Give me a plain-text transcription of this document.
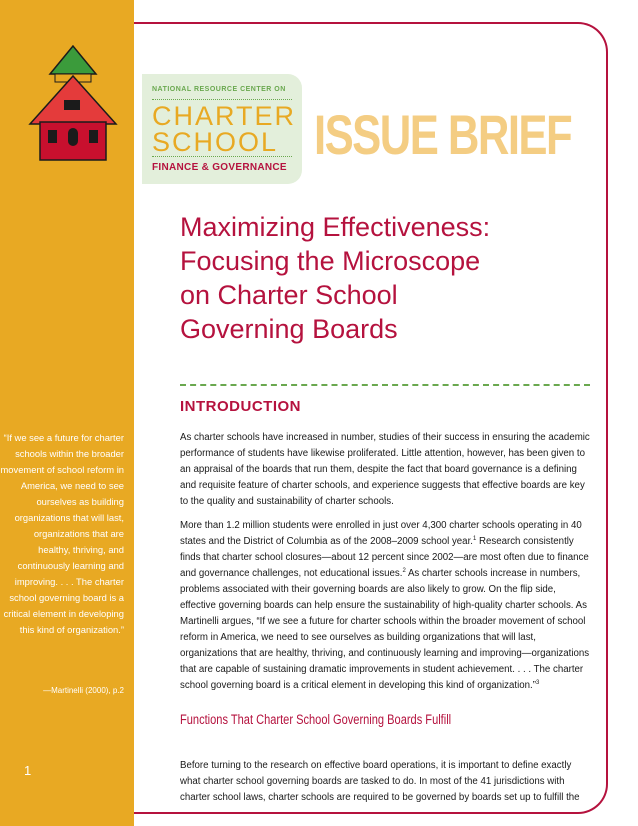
NATIONAL RESOURCE CENTER ON
CHARTER
SCHOOL
FINANCE & GOVERNANCE
ISSUE BRIEF
Maximizing Effectiveness:
Focusing the Microscope
on Charter School
Governing Boards
INTRODUCTION

As charter schools have increased in number, studies of their success in ensuring the academic performance of students have likewise proliferated. Little attention, however, has been given to an appraisal of the boards that run them, despite the fact that board governance is a defining and requisite feature of charter schools, and experience suggests that effective boards are key to the quality and sustainability of charter schools.

More than 1.2 million students were enrolled in just over 4,300 charter schools operating in 40 states and the District of Columbia as of the 2008–2009 school year.$^1$ Research consistently finds that charter school closures—about 12 percent since 2002—are most often due to finance and governance challenges, not educational issues.$^2$ As charter schools increase in numbers, problems associated with their governing boards are also likely to grow. On the flip side, effective governing boards can help ensure the sustainability of high-quality charter schools. As Martinelli argues, “If we see a future for charter schools within the broader movement of school reform in America, we need to see ourselves as building organizations that will last, organizations that are healthy, thriving, and continuously learning and improving—organizations that are capable of sustaining dramatic improvements in student achievement. . . . The charter school governing board is a critical element in developing this kind of organization.”$^3$

Functions That Charter School Governing Boards Fulfill

Before turning to the research on effective board operations, it is important to define exactly what charter school governing boards are tasked to do. In most of the 41 jurisdictions with charter school laws, charter schools are required to be governed by boards set up to fulfill the

“If we see a future for charter schools within the broader movement of school reform in America, we need to see ourselves as building organizations that will last, organizations that are healthy, thriving, and continuously learning and improving. . . . The charter school governing board is a critical element in developing this kind of organization.”
—Martinelli (2000), p.2
1
